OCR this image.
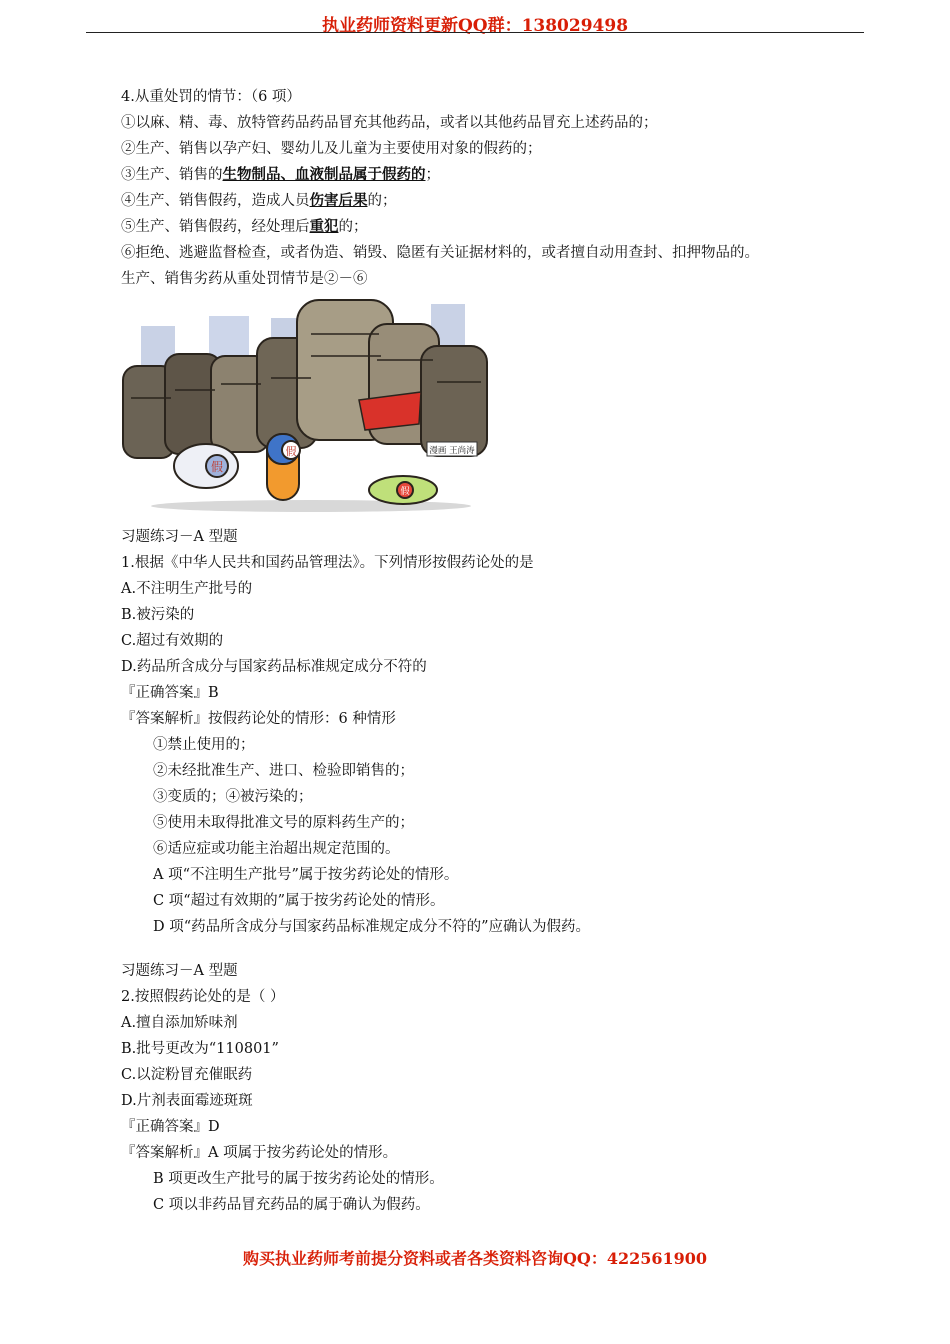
执业药师资料更新QQ群：138029498
4.从重处罚的情节：（6 项）
①以麻、精、毒、放特管药品药品冒充其他药品，或者以其他药品冒充上述药品的；
②生产、销售以孕产妇、婴幼儿及儿童为主要使用对象的假药的；
③生产、销售的生物制品、血液制品属于假药的；
④生产、销售假药，造成人员伤害后果的；
⑤生产、销售假药，经处理后重犯的；
⑥拒绝、逃避监督检查，或者伪造、销毁、隐匿有关证据材料的，或者擅自动用查封、扣押物品的。
生产、销售劣药从重处罚情节是②－⑥
假
假
假
漫画 王尚涛
习题练习－A 型题
1.根据《中华人民共和国药品管理法》。下列情形按假药论处的是
A.不注明生产批号的
B.被污染的
C.超过有效期的
D.药品所含成分与国家药品标准规定成分不符的
『正确答案』B
『答案解析』按假药论处的情形：6 种情形
①禁止使用的；
②未经批准生产、进口、检验即销售的；
③变质的；④被污染的；
⑤使用未取得批准文号的原料药生产的；
⑥适应症或功能主治超出规定范围的。
A 项“不注明生产批号”属于按劣药论处的情形。
C 项“超过有效期的”属于按劣药论处的情形。
D 项“药品所含成分与国家药品标准规定成分不符的”应确认为假药。
习题练习－A 型题
2.按照假药论处的是（ ）
A.擅自添加矫味剂
B.批号更改为“110801”
C.以淀粉冒充催眠药
D.片剂表面霉迹斑斑
『正确答案』D
『答案解析』A 项属于按劣药论处的情形。
B 项更改生产批号的属于按劣药论处的情形。
C 项以非药品冒充药品的属于确认为假药。
购买执业药师考前提分资料或者各类资料咨询QQ：422561900
